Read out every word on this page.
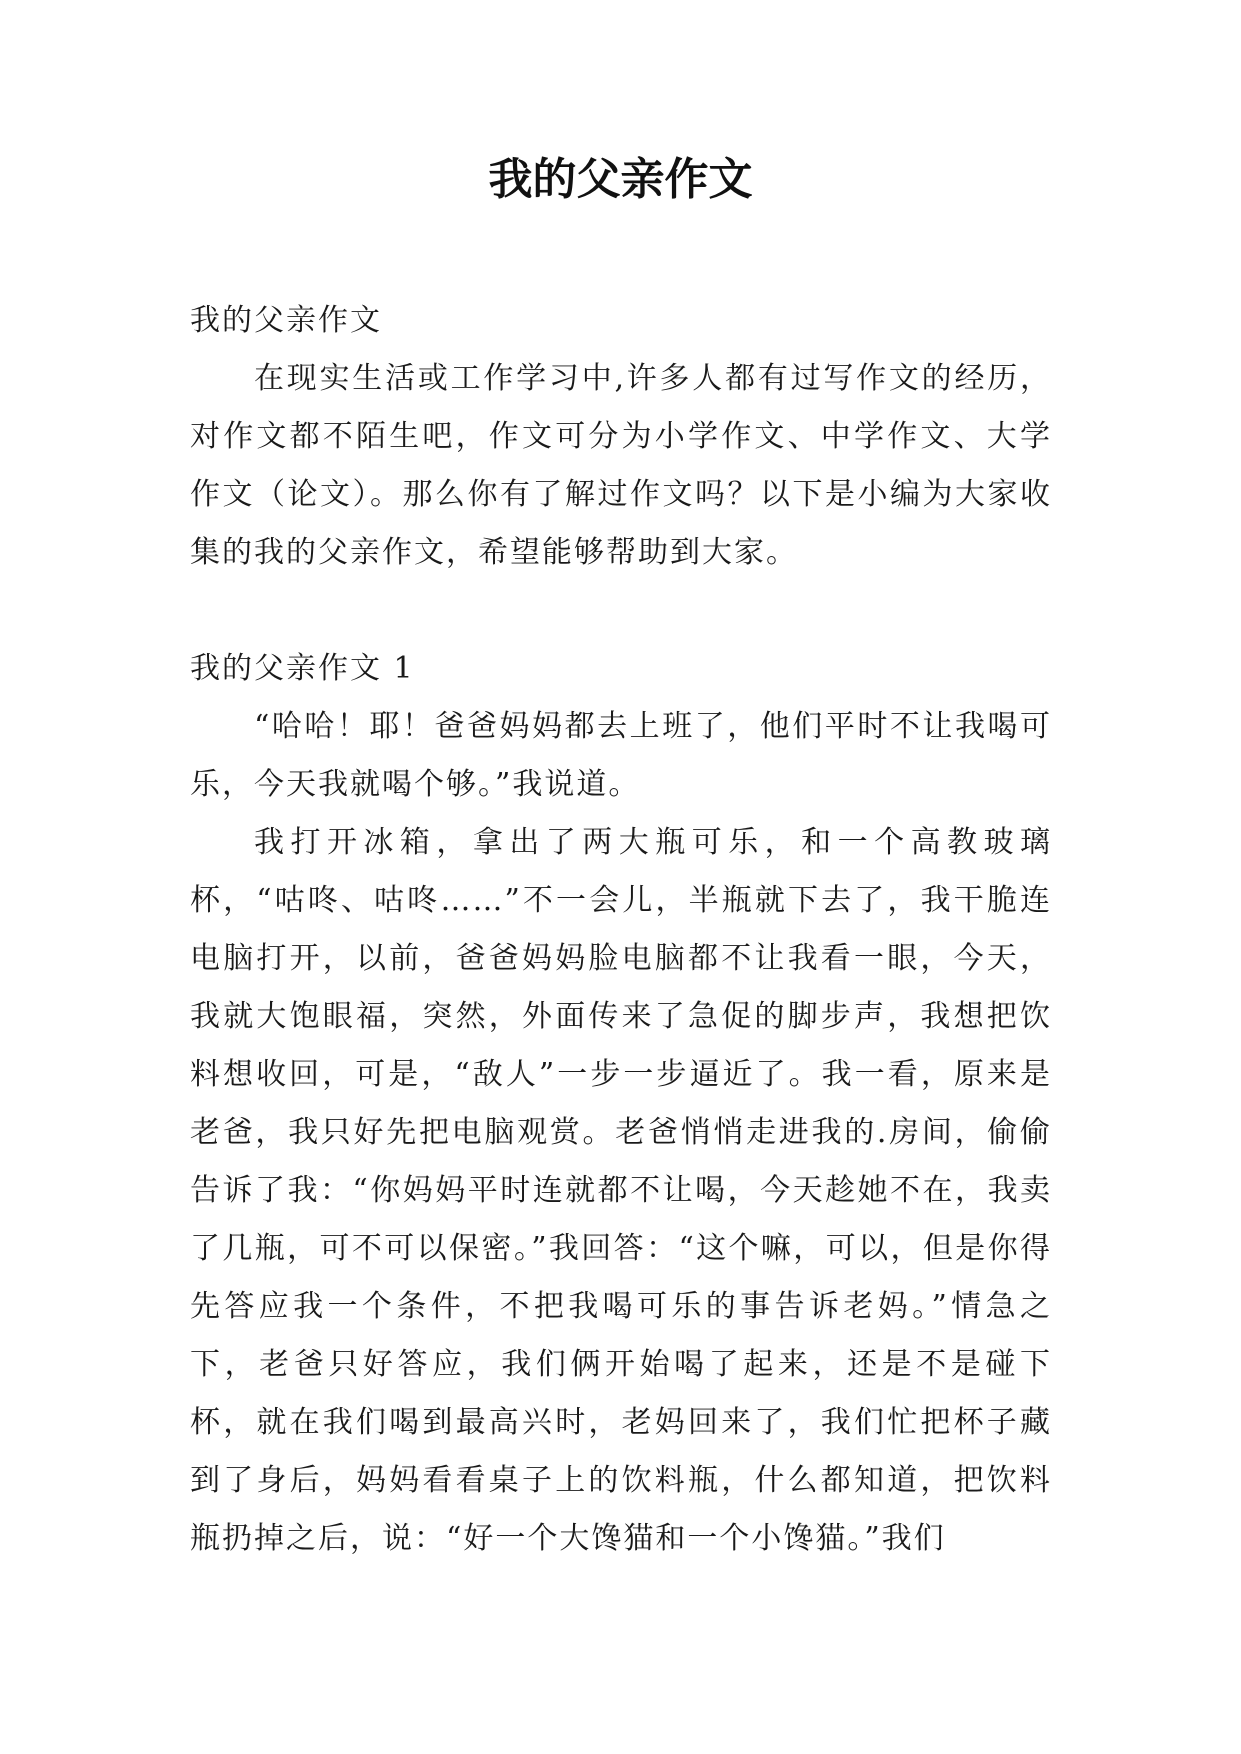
我的父亲作文

我的父亲作文

在现实生活或工作学习中,许多人都有过写作文的经历，对作文都不陌生吧，作文可分为小学作文、中学作文、大学作文（论文）。那么你有了解过作文吗？以下是小编为大家收集的我的父亲作文，希望能够帮助到大家。

我的父亲作文 1

“哈哈！耶！爸爸妈妈都去上班了，他们平时不让我喝可乐，今天我就喝个够。”我说道。

我打开冰箱，拿出了两大瓶可乐，和一个高教玻璃杯，“咕咚、咕咚……”不一会儿，半瓶就下去了，我干脆连电脑打开，以前，爸爸妈妈脸电脑都不让我看一眼，今天，我就大饱眼福，突然，外面传来了急促的脚步声，我想把饮料想收回，可是，“敌人”一步一步逼近了。我一看，原来是老爸，我只好先把电脑观赏。老爸悄悄走进我的.房间，偷偷告诉了我：“你妈妈平时连就都不让喝，今天趁她不在，我卖了几瓶，可不可以保密。”我回答：“这个嘛，可以，但是你得先答应我一个条件，不把我喝可乐的事告诉老妈。”情急之下，老爸只好答应，我们俩开始喝了起来，还是不是碰下杯，就在我们喝到最高兴时，老妈回来了，我们忙把杯子藏到了身后，妈妈看看桌子上的饮料瓶，什么都知道，把饮料瓶扔掉之后，说：“好一个大馋猫和一个小馋猫。”我们
